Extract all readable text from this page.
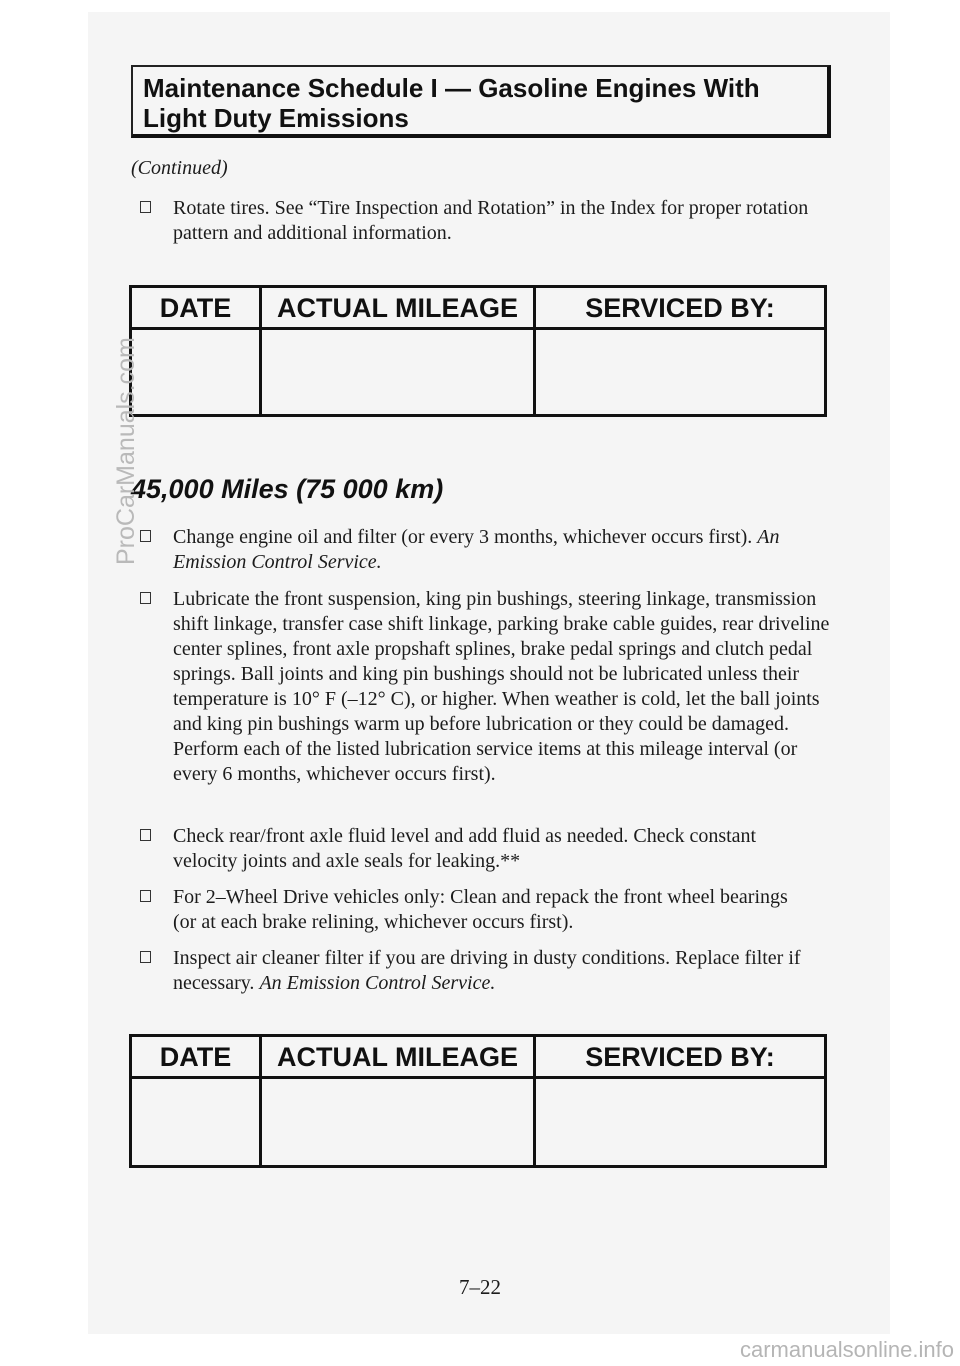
Maintenance Schedule I — Gasoline Engines With
Light Duty Emissions
(Continued)
Rotate tires. See “Tire Inspection and Rotation” in the Index for proper rotation pattern and additional information.
DATE	ACTUAL MILEAGE	SERVICED BY:
45,000 Miles (75 000 km)
Change engine oil and filter (or every 3 months, whichever occurs first). An Emission Control Service.
Lubricate the front suspension, king pin bushings, steering linkage, transmission shift linkage, transfer case shift linkage, parking brake cable guides, rear driveline center splines, front axle propshaft splines, brake pedal springs and clutch pedal springs. Ball joints and king pin bushings should not be lubricated unless their temperature is 10° F (–12° C), or higher. When weather is cold, let the ball joints and king pin bushings warm up before lubrication or they could be damaged. Perform each of the listed lubrication service items at this mileage interval (or every 6 months, whichever occurs first).
Check rear/front axle fluid level and add fluid as needed. Check constant velocity joints and axle seals for leaking.**
For 2–Wheel Drive vehicles only: Clean and repack the front wheel bearings (or at each brake relining, whichever occurs first).
Inspect air cleaner filter if you are driving in dusty conditions. Replace filter if necessary. An Emission Control Service.
DATE	ACTUAL MILEAGE	SERVICED BY:
7–22
ProCarManuals.com
carmanualsonline.info
